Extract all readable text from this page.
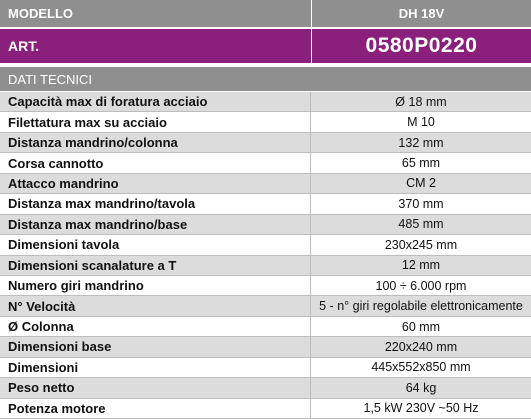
MODELLO	DH 18V
ART.	0580P0220
DATI TECNICI
Capacità max di foratura acciaio	Ø 18 mm
Filettatura max su acciaio	M 10
Distanza mandrino/colonna	132 mm
Corsa cannotto	65 mm
Attacco mandrino	CM 2
Distanza max mandrino/tavola	370 mm
Distanza max mandrino/base	485 mm
Dimensioni tavola	230x245 mm
Dimensioni scanalature a T	12 mm
Numero giri mandrino	100 ÷ 6.000 rpm
N° Velocità	5 - n° giri regolabile elettronicamente
Ø Colonna	60 mm
Dimensioni base	220x240 mm
Dimensioni	445x552x850 mm
Peso netto	64 kg
Potenza motore	1,5 kW 230V ~50 Hz
